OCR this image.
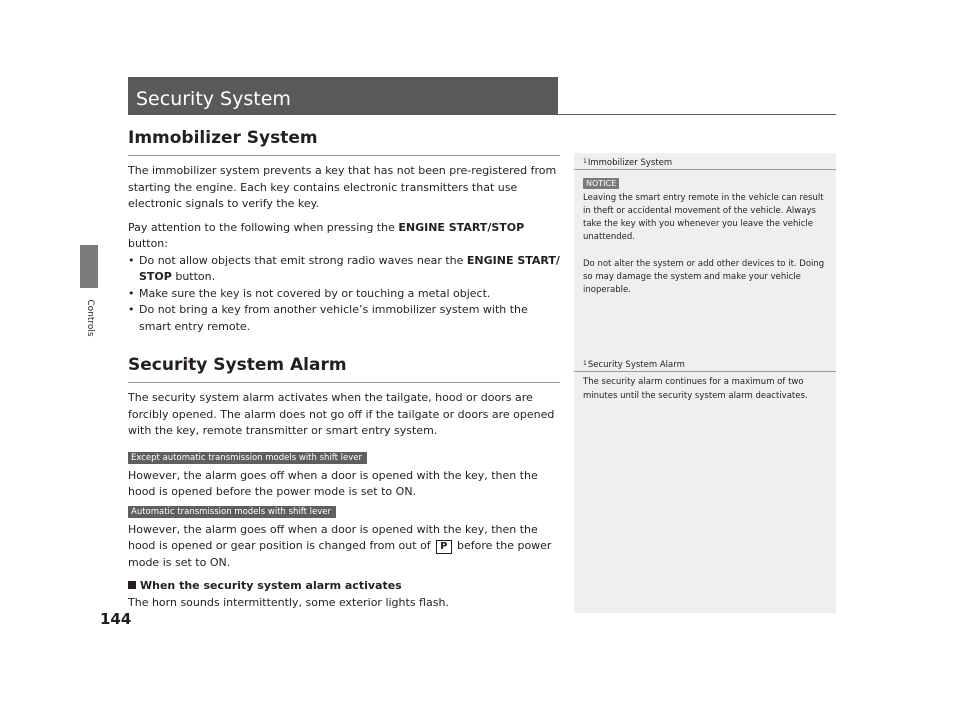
Controls
144
Security System
Immobilizer System

The immobilizer system prevents a key that has not been pre-registered from starting the engine. Each key contains electronic transmitters that use electronic signals to verify the key.

Pay attention to the following when pressing the ENGINE START/STOP button:

• Do not allow objects that emit strong radio waves near the ENGINE START/ STOP button.
• Make sure the key is not covered by or touching a metal object.
• Do not bring a key from another vehicle’s immobilizer system with the smart entry remote.
Security System Alarm

The security system alarm activates when the tailgate, hood or doors are forcibly opened. The alarm does not go off if the tailgate or doors are opened with the key, remote transmitter or smart entry system.

Except automatic transmission models with shift lever

However, the alarm goes off when a door is opened with the key, then the hood is opened before the power mode is set to ON.

Automatic transmission models with shift lever

However, the alarm goes off when a door is opened with the key, then the hood is opened or gear position is changed from out of P before the power mode is set to ON.

When the security system alarm activates

The horn sounds intermittently, some exterior lights flash.

1 Immobilizer System
NOTICE

Leaving the smart entry remote in the vehicle can result in theft or accidental movement of the vehicle. Always take the key with you whenever you leave the vehicle unattended.

Do not alter the system or add other devices to it. Doing so may damage the system and make your vehicle inoperable.

1 Security System Alarm

The security alarm continues for a maximum of two minutes until the security system alarm deactivates.
